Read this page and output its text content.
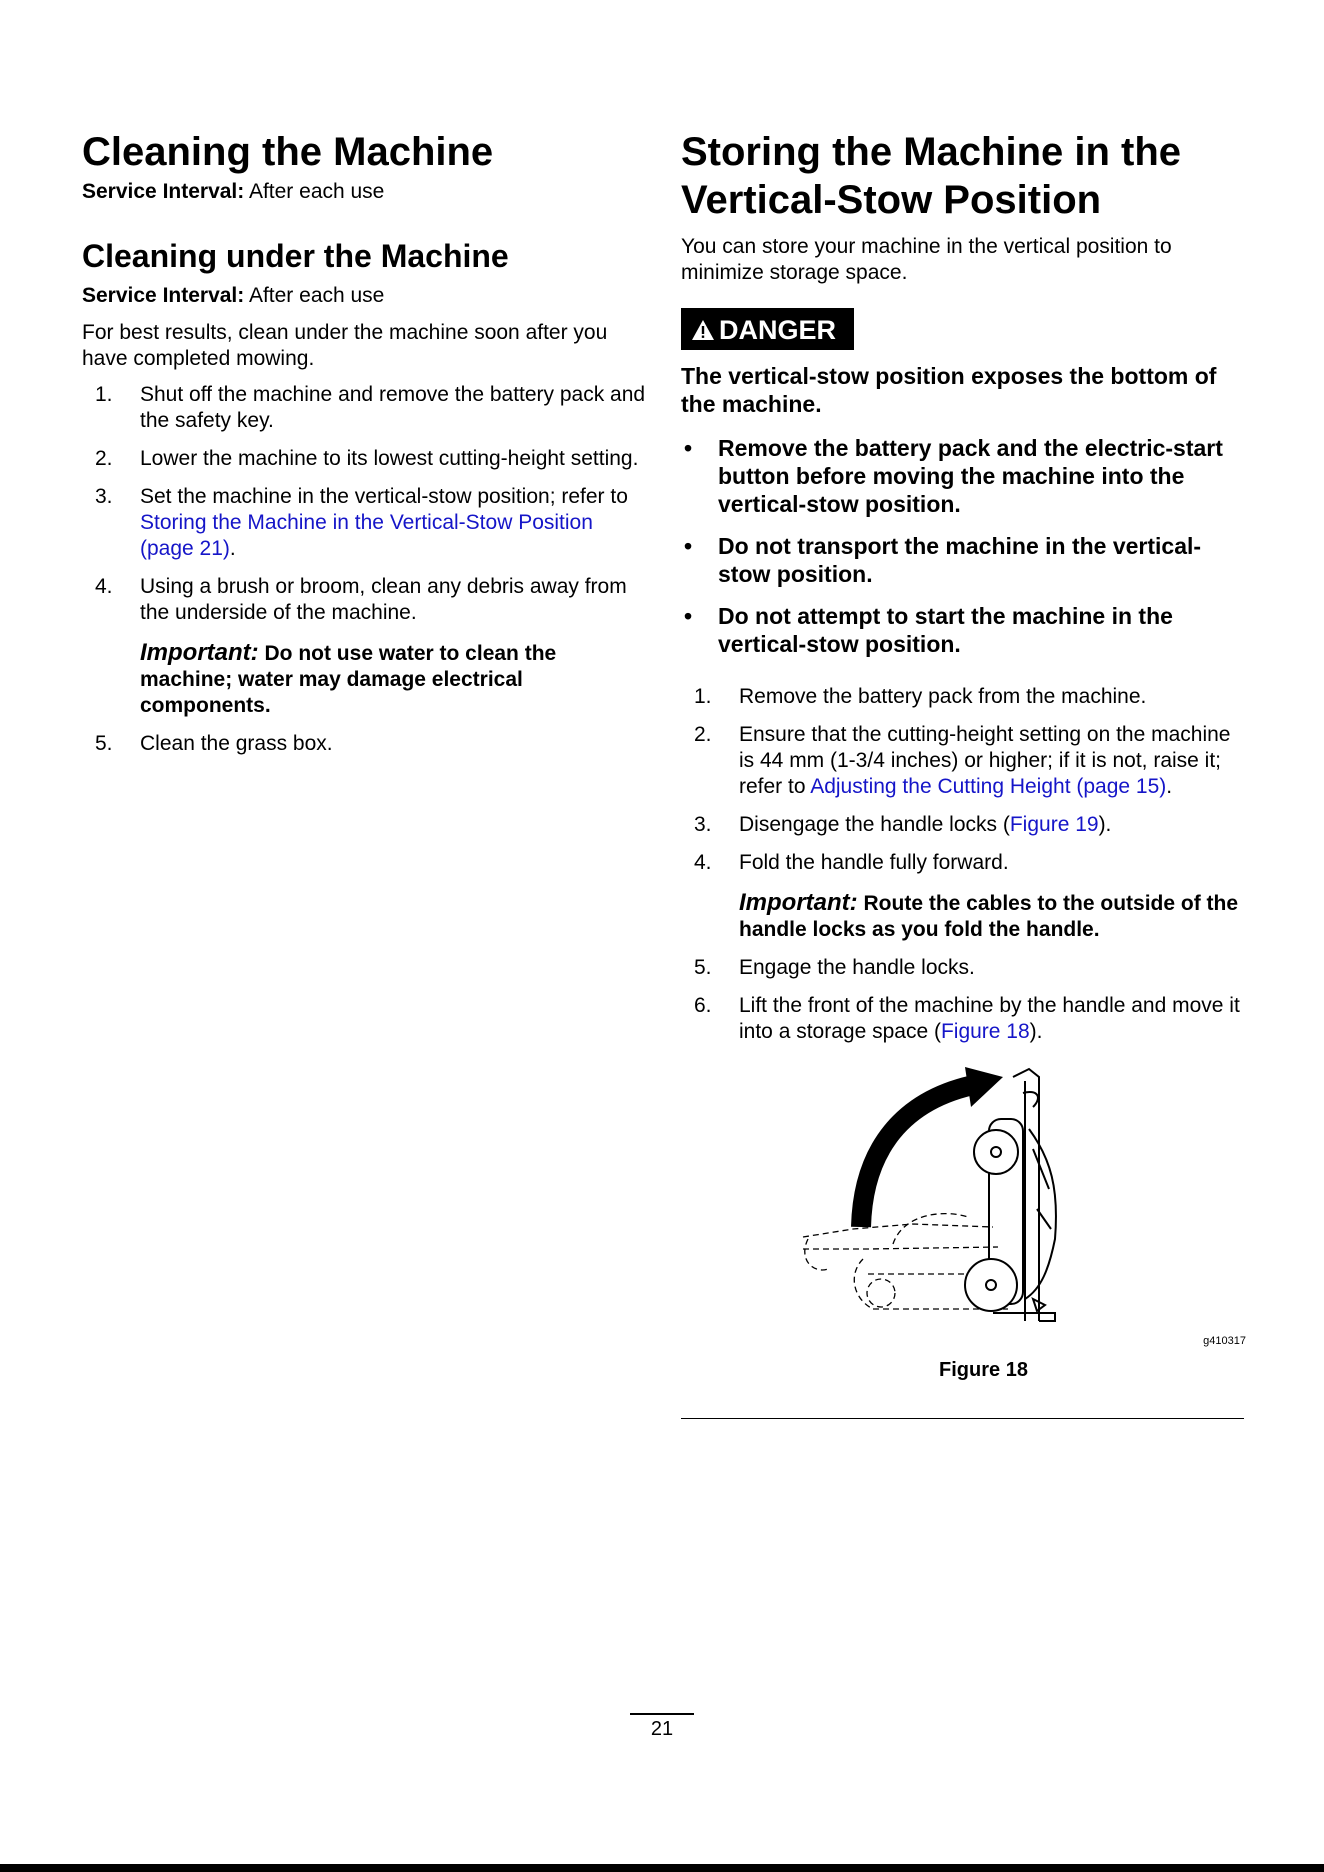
Cleaning the Machine
Service Interval: After each use
Cleaning under the Machine
Service Interval: After each use

For best results, clean under the machine soon after you have completed mowing.

1. Shut off the machine and remove the battery pack and the safety key.
2. Lower the machine to its lowest cutting-height setting.
3. Set the machine in the vertical-stow position; refer to Storing the Machine in the Vertical-Stow Position (page 21).
4. Using a brush or broom, clean any debris away from the underside of the machine.
Important: Do not use water to clean the machine; water may damage electrical components.
5. Clean the grass box.
Storing the Machine in the
Vertical-Stow Position

You can store your machine in the vertical position to minimize storage space.

DANGER
The vertical-stow position exposes the bottom of the machine.
• Remove the battery pack and the electric-start button before moving the machine into the vertical-stow position.
• Do not transport the machine in the vertical-stow position.
• Do not attempt to start the machine in the vertical-stow position.
1. Remove the battery pack from the machine.
2. Ensure that the cutting-height setting on the machine is 44 mm (1-3/4 inches) or higher; if it is not, raise it; refer to Adjusting the Cutting Height (page 15).
3. Disengage the handle locks (Figure 19).
4. Fold the handle fully forward.
Important: Route the cables to the outside of the handle locks as you fold the handle.
5. Engage the handle locks.
6. Lift the front of the machine by the handle and move it into a storage space (Figure 18).
g410317
Figure 18
21
